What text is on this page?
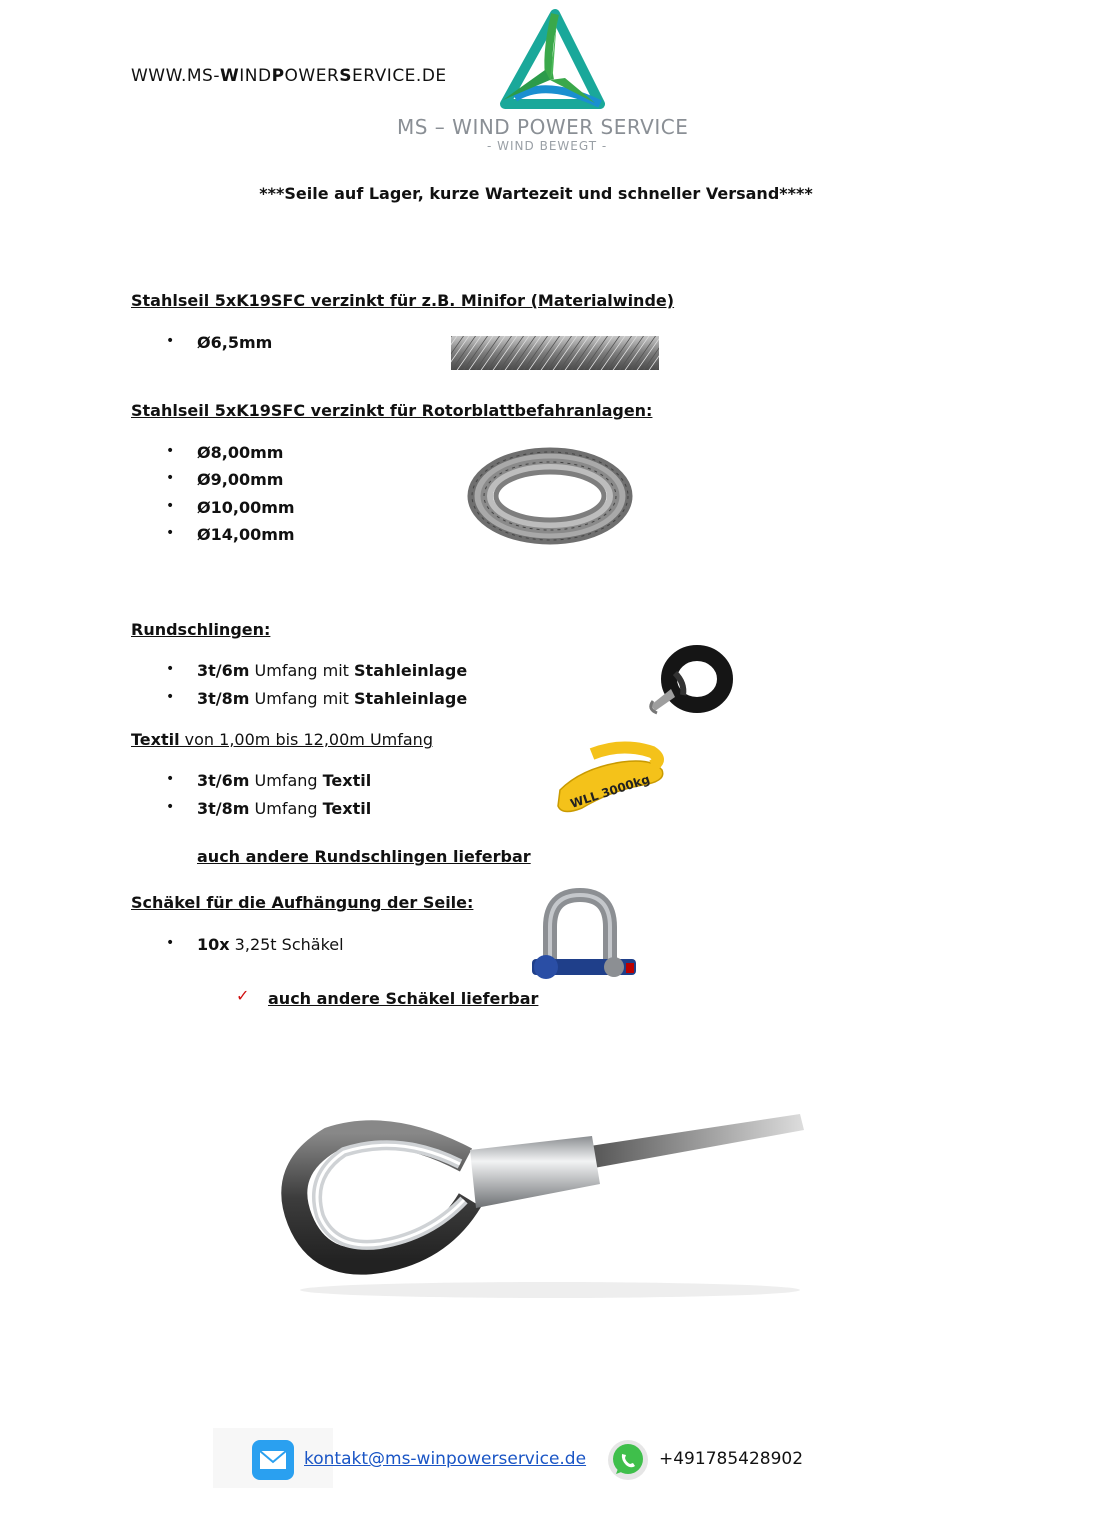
WWW.MS-WINDPOWERSERVICE.DE
MS – WIND POWER SERVICE
- WIND BEWEGT -
***Seile auf Lager, kurze Wartezeit und schneller Versand****
Stahlseil 5xK19SFC verzinkt für z.B. Minifor (Materialwinde)
• Ø6,5mm
Stahlseil 5xK19SFC verzinkt für Rotorblattbefahranlagen:
• Ø8,00mm
• Ø9,00mm
• Ø10,00mm
• Ø14,00mm
Rundschlingen:
• 3t/6m Umfang mit Stahleinlage
• 3t/8m Umfang mit Stahleinlage
Textil von 1,00m bis 12,00m Umfang
• 3t/6m Umfang Textil
• 3t/8m Umfang Textil	WLL 3000kg
auch andere Rundschlingen lieferbar
Schäkel für die Aufhängung der Seile:
• 10x 3,25t Schäkel
✓ auch andere Schäkel lieferbar
kontakt@ms-winpowerservice.de	+491785428902
